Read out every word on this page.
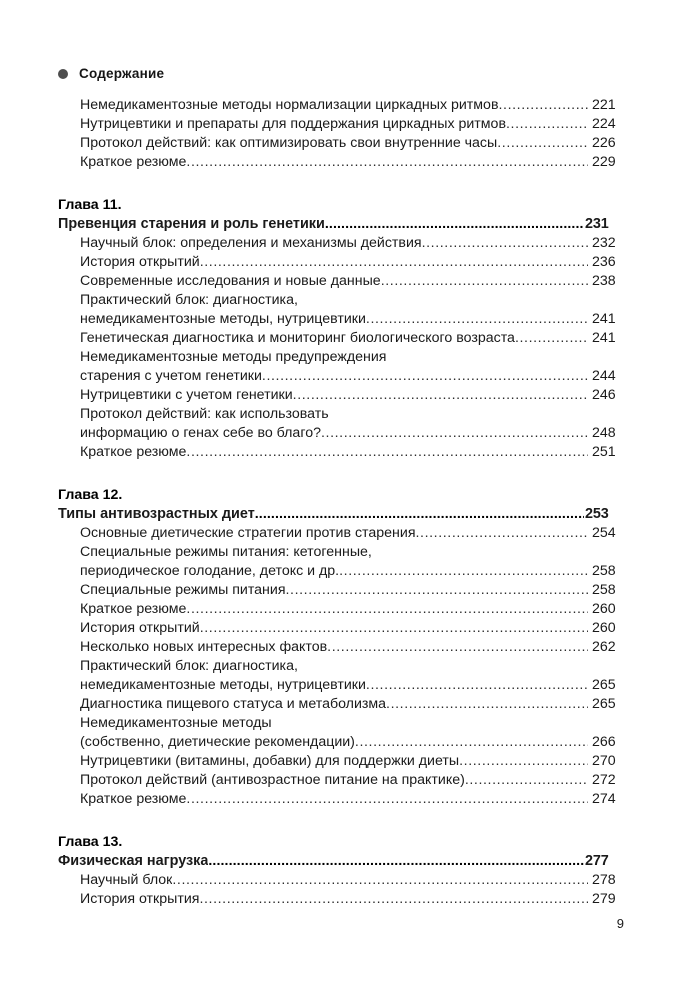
Содержание
Немедикаментозные методы нормализации циркадных ритмов .....	221
Нутрицевтики и препараты для поддержания циркадных ритмов .....	224
Протокол действий: как оптимизировать свои внутренние часы .....	226
Краткое резюме .....	229
Глава 11.
Превенция старения и роль генетики .....	231
Научный блок: определения и механизмы действия .....	232
История открытий .....	236
Современные исследования и новые данные .....	238
Практический блок: диагностика,
немедикаментозные методы, нутрицевтики .....	241
Генетическая диагностика и мониторинг биологического возраста .....	241
Немедикаментозные методы предупреждения
старения с учетом генетики .....	244
Нутрицевтики с учетом генетики .....	246
Протокол действий: как использовать
информацию о генах себе во благо? .....	248
Краткое резюме .....	251
Глава 12.
Типы антивозрастных диет .....	253
Основные диетические стратегии против старения .....	254
Специальные режимы питания: кетогенные,
периодическое голодание, детокс и др. .....	258
Специальные режимы питания .....	258
Краткое резюме .....	260
История открытий .....	260
Несколько новых интересных фактов .....	262
Практический блок: диагностика,
немедикаментозные методы, нутрицевтики .....	265
Диагностика пищевого статуса и метаболизма .....	265
Немедикаментозные методы
(собственно, диетические рекомендации) .....	266
Нутрицевтики (витамины, добавки) для поддержки диеты .....	270
Протокол действий (антивозрастное питание на практике) .....	272
Краткое резюме .....	274
Глава 13.
Физическая нагрузка .....	277
Научный блок .....	278
История открытия .....	279
9
